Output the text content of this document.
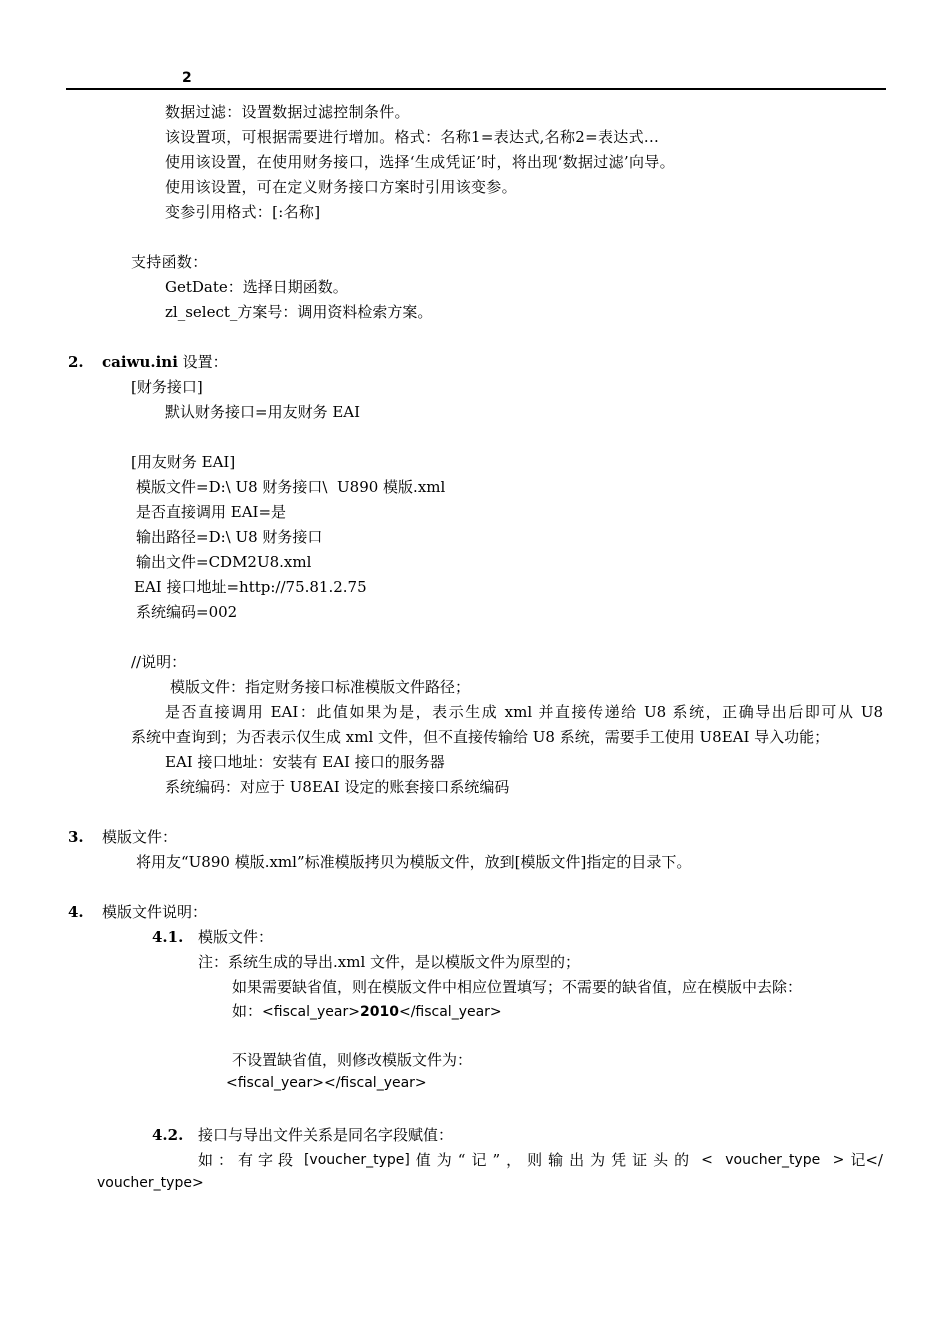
2
数据过滤：设置数据过滤控制条件。
该设置项，可根据需要进行增加。格式：名称1=表达式,名称2=表达式...
使用该设置，在使用财务接口，选择‘生成凭证’时，将出现‘数据过滤’向导。
使用该设置，可在定义财务接口方案时引用该变参。
变参引用格式：[:名称]
支持函数：
GetDate：选择日期函数。
zl_select_方案号：调用资料检索方案。
2. caiwu.ini 设置：
[财务接口]
默认财务接口=用友财务 EAI
[用友财务 EAI]
模版文件=D:\ U8 财务接口\  U890 模版.xml
是否直接调用 EAI=是
输出路径=D:\ U8 财务接口
输出文件=CDM2U8.xml
EAI 接口地址=http://75.81.2.75
系统编码=002
//说明：
模版文件：指定财务接口标准模版文件路径；
是否直接调用 EAI：此值如果为是，表示生成 xml 并直接传递给 U8 系统，正确导出后即可从 U8
系统中查询到；为否表示仅生成 xml 文件，但不直接传输给 U8 系统，需要手工使用 U8EAI 导入功能；
EAI 接口地址：安装有 EAI 接口的服务器
系统编码：对应于 U8EAI 设定的账套接口系统编码
3. 模版文件：
将用友“U890 模版.xml”标准模版拷贝为模版文件，放到[模版文件]指定的目录下。
4. 模版文件说明：
4.1. 模版文件：
注：系统生成的导出.xml 文件，是以模版文件为原型的；
如果需要缺省值，则在模版文件中相应位置填写；不需要的缺省值，应在模版中去除：
如：<fiscal_year>2010</fiscal_year>
不设置缺省值，则修改模版文件为：
<fiscal_year></fiscal_year>
4.2. 接口与导出文件关系是同名字段赋值：
如：有字段 [voucher_type] 值为“记”，则输出为凭证头的 < voucher_type > 记</
voucher_type>
